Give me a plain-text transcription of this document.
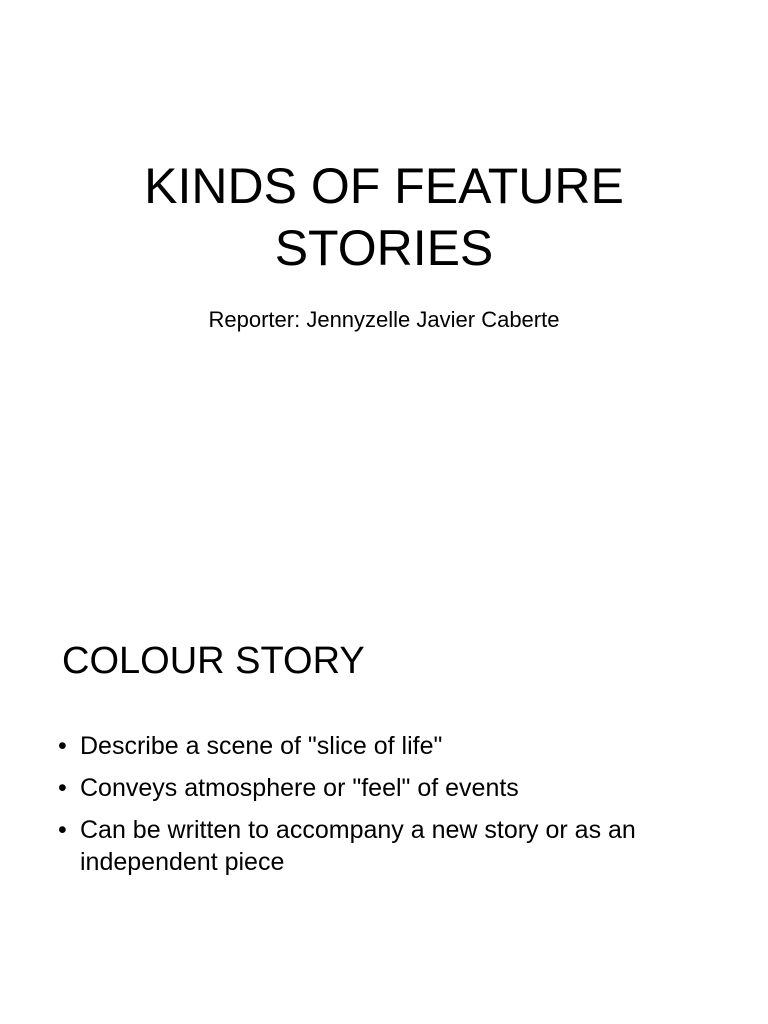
KINDS OF FEATURE
STORIES

Reporter: Jennyzelle Javier Caberte

COLOUR STORY
• Describe a scene of "slice of life"
• Conveys atmosphere or "feel" of events
• Can be written to accompany a new story or as an independent piece
